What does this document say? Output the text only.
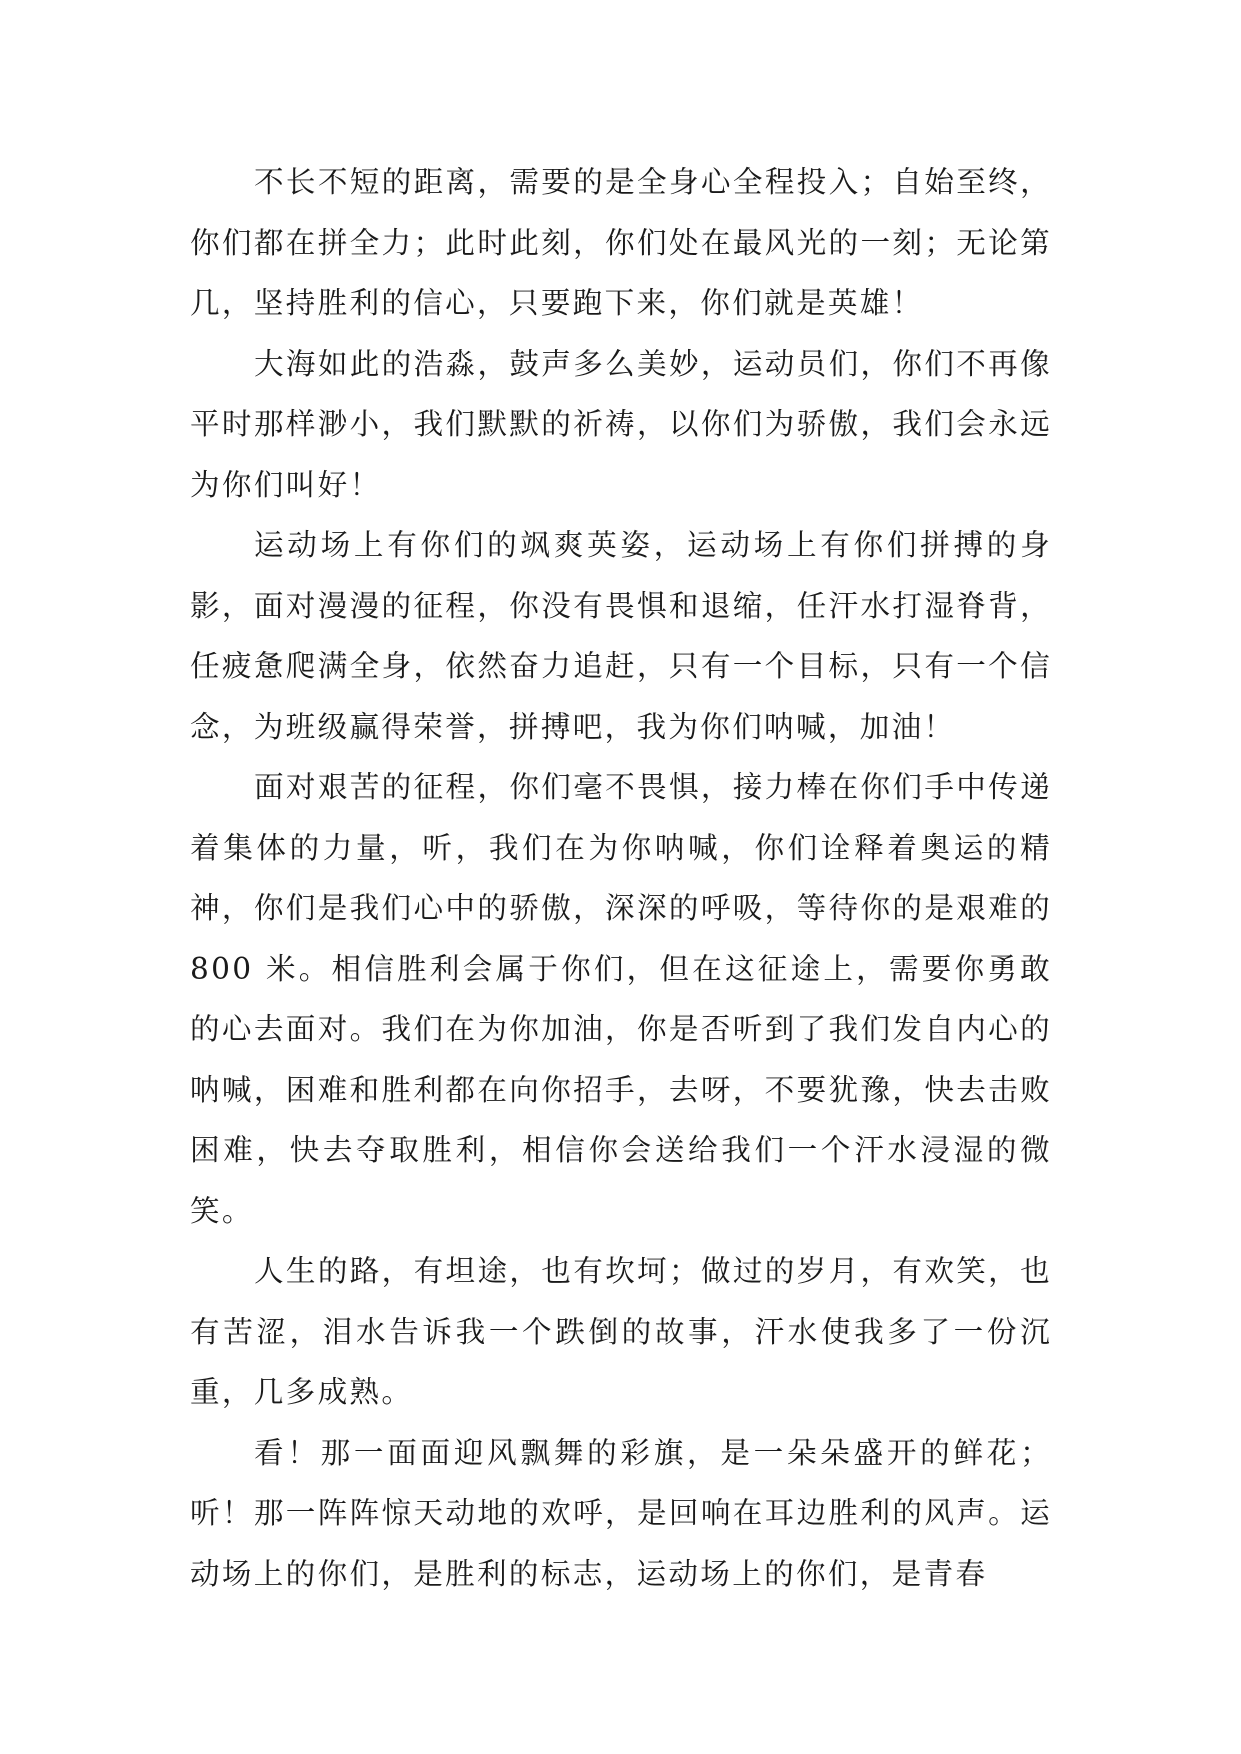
不长不短的距离，需要的是全身心全程投入；自始至终，你们都在拼全力；此时此刻，你们处在最风光的一刻；无论第几，坚持胜利的信心，只要跑下来，你们就是英雄！

大海如此的浩淼，鼓声多么美妙，运动员们，你们不再像平时那样渺小，我们默默的祈祷，以你们为骄傲，我们会永远为你们叫好！

运动场上有你们的飒爽英姿，运动场上有你们拼搏的身影，面对漫漫的征程，你没有畏惧和退缩，任汗水打湿脊背，任疲惫爬满全身，依然奋力追赶，只有一个目标，只有一个信念，为班级赢得荣誉，拼搏吧，我为你们呐喊，加油！

面对艰苦的征程，你们毫不畏惧，接力棒在你们手中传递着集体的力量，听，我们在为你呐喊，你们诠释着奥运的精神，你们是我们心中的骄傲，深深的呼吸，等待你的是艰难的 800 米。相信胜利会属于你们，但在这征途上，需要你勇敢的心去面对。我们在为你加油，你是否听到了我们发自内心的呐喊，困难和胜利都在向你招手，去呀，不要犹豫，快去击败困难，快去夺取胜利，相信你会送给我们一个汗水浸湿的微笑。

人生的路，有坦途，也有坎坷；做过的岁月，有欢笑，也有苦涩，泪水告诉我一个跌倒的故事，汗水使我多了一份沉重，几多成熟。

看！那一面面迎风飘舞的彩旗，是一朵朵盛开的鲜花；听！那一阵阵惊天动地的欢呼，是回响在耳边胜利的风声。运动场上的你们，是胜利的标志，运动场上的你们，是青春
